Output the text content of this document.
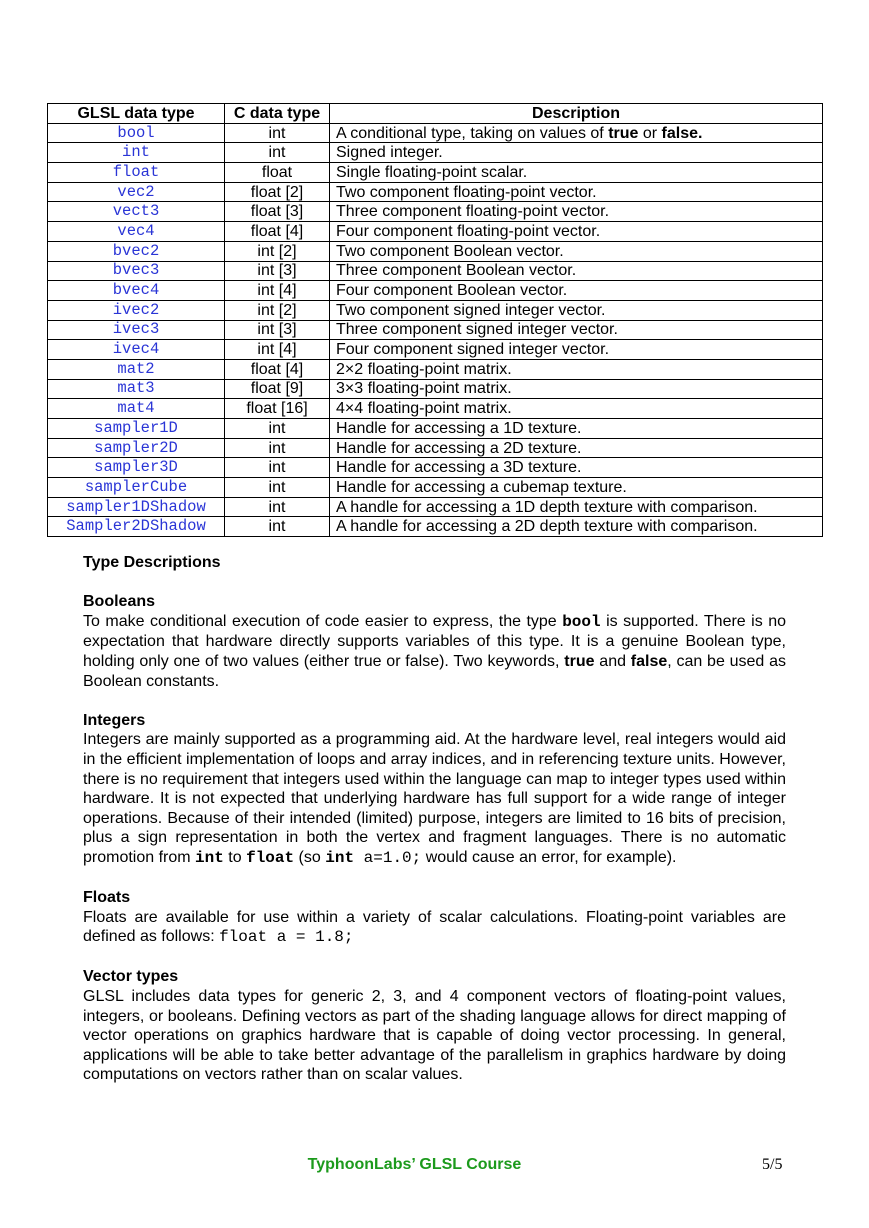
GLSL data type	C data type	Description
bool	int	A conditional type, taking on values of true or false.
int	int	Signed integer.
float	float	Single floating-point scalar.
vec2	float [2]	Two component floating-point vector.
vect3	float [3]	Three component floating-point vector.
vec4	float [4]	Four component floating-point vector.
bvec2	int [2]	Two component Boolean vector.
bvec3	int [3]	Three component Boolean vector.
bvec4	int [4]	Four component Boolean vector.
ivec2	int [2]	Two component signed integer vector.
ivec3	int [3]	Three component signed integer vector.
ivec4	int [4]	Four component signed integer vector.
mat2	float [4]	2×2 floating-point matrix.
mat3	float [9]	3×3 floating-point matrix.
mat4	float [16]	4×4 floating-point matrix.
sampler1D	int	Handle for accessing a 1D texture.
sampler2D	int	Handle for accessing a 2D texture.
sampler3D	int	Handle for accessing a 3D texture.
samplerCube	int	Handle for accessing a cubemap texture.
sampler1DShadow	int	A handle for accessing a 1D depth texture with comparison.
Sampler2DShadow	int	A handle for accessing a 2D depth texture with comparison.

Type Descriptions

Booleans

To make conditional execution of code easier to express, the type bool is supported. There is no expectation that hardware directly supports variables of this type. It is a genuine Boolean type, holding only one of two values (either true or false). Two keywords, true and false, can be used as Boolean constants.

Integers

Integers are mainly supported as a programming aid. At the hardware level, real integers would aid in the efficient implementation of loops and array indices, and in referencing texture units. However, there is no requirement that integers used within the language can map to integer types used within hardware. It is not expected that underlying hardware has full support for a wide range of integer operations. Because of their intended (limited) purpose, integers are limited to 16 bits of precision, plus a sign representation in both the vertex and fragment languages. There is no automatic promotion from int to float (so int a=1.0; would cause an error, for example).

Floats

Floats are available for use within a variety of scalar calculations. Floating-point variables are defined as follows: float a = 1.8;

Vector types

GLSL includes data types for generic 2, 3, and 4 component vectors of floating-point values, integers, or booleans. Defining vectors as part of the shading language allows for direct mapping of vector operations on graphics hardware that is capable of doing vector processing. In general, applications will be able to take better advantage of the parallelism in graphics hardware by doing computations on vectors rather than on scalar values.

TyphoonLabs’ GLSL Course	5/5
